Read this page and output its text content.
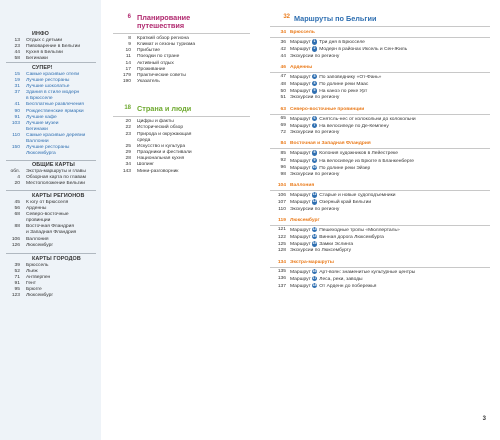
ИНФО
13	Отдых с детьми
23	Пивоварение в Бельгии
44	Кухня в Бельгии
58	Бегинажи
СУПЕР!
15	Самые красивые отели
19	Лучшие рестораны
31	Лучшие шоколатье
37	Здания в стиле модерн
в Брюсселе
41	Бесплатные развлечения
90	Рождественские ярмарки
91	Лучшие кафе
103	Лучшие музеи
Бегинажи
110	Самые красивые деревни
Валлонии
150	Лучшие рестораны
Люксембурга
ОБЩИЕ КАРТЫ
обл.	Экстра-маршруты и главы
4	Обзорная карта по главам
20	Местоположение Бельгии
КАРТЫ РЕГИОНОВ
45	К югу от Брюсселя
56	Арденны
68	Северо-восточные
провинции
88	Восточная Фландрия
и Западная Фландрия
106	Валлония
126	Люксембург
КАРТЫ ГОРОДОВ
39	Брюссель
52	Льеж
71	Антверпен
91	Гент
95	Брюгге
123	Люксембург
6 Планирование
путешествия
8	Краткий обзор региона
9	Климат и сезоны туризма
10	Прибытие
11	Поездки по стране
14	Активный отдых
17	Проживание
179	Практические советы
190	Указатель
18 Страна и люди
20	Цифры и факты
22	Исторический обзор
23	Природа и окружающая
среда
25	Искусство и культура
29	Праздники и фестивали
28	Национальная кухня
34	Шопинг
143	Мини-разговорник
32 Маршруты по Бельгии
34 Брюссель
36 Маршрут 1 Три дня в Брюсселе
42 Маршрут 2 Модерн в районах Иксель и Сен-Жиль
44 Экскурсии по региону
46 Арденны
47 Маршрут 3 По заповеднику «От-Фань»
48 Маршрут 4 По долине реки Маас
50 Маршрут 5 На каноэ по реке Урт
51 Экскурсии по региону
63 Северо-восточные провинции
65 Маршрут 6 Снятсль-нес от колокольни до колокольни
69 Маршрут 7 На велосипеде по Де-Кемпену
72 Экскурсии по региону
84 Восточная и Западная Фландрия
85 Маршрут 8 Колония художников в Лейестреке
92 Маршрут 9 На велосипеде из Брюгге в Бланкенберге
96 Маршрут 10 По долине реки Эйзер
98 Экскурсии по региону
104 Валлония
106 Маршрут 11 Старые и новые судоподъемники
107 Маршрут 12 Озерный край Бельгии
110 Экскурсии по региону
119 Люксембург
121 Маршрут 13 Пешеходные тропы «Мюллерталь»
122 Маршрут 14 Винная дорога Люксембурга
125 Маршрут 15 Замки Эслинга
128 Экскурсии по Люксембургу
134 Экстра-маршруты
135 Маршрут 16 Арт-воян: знаменитые культурные центры
136 Маршрут 17 Леса, реки, заводы
137 Маршрут 18 От Арденн до побережья
3
